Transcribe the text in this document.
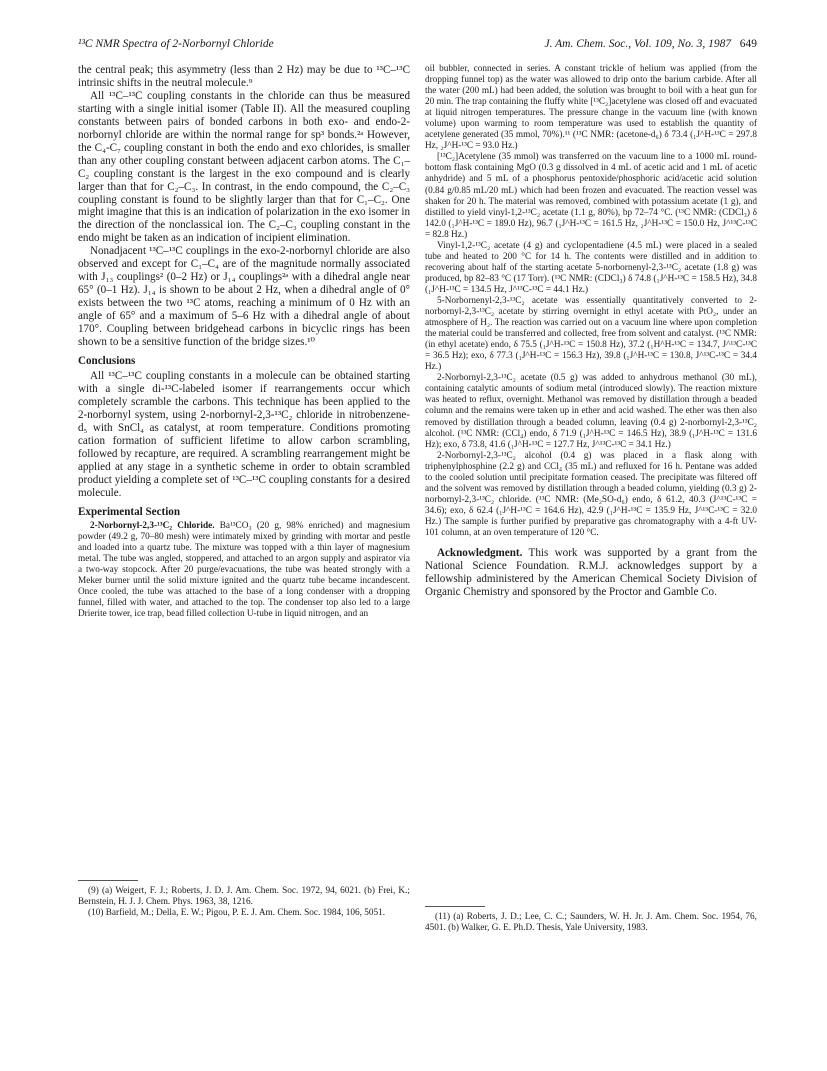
¹³C NMR Spectra of 2-Norbornyl Chloride	J. Am. Chem. Soc., Vol. 109, No. 3, 1987 649

the central peak; this asymmetry (less than 2 Hz) may be due to ¹³C–¹³C intrinsic shifts in the neutral molecule.⁹

All ¹³C–¹³C coupling constants in the chloride can thus be measured starting with a single initial isomer (Table II). All the measured coupling constants between pairs of bonded carbons in both exo- and endo-2-norbornyl chloride are within the normal range for sp³ bonds.²ᵃ However, the C₄-C₇ coupling constant in both the endo and exo chlorides, is smaller than any other coupling constant between adjacent carbon atoms. The C₁–C₂ coupling constant is the largest in the exo compound and is clearly larger than that for C₂–C₃. In contrast, in the endo compound, the C₂–C₃ coupling constant is found to be slightly larger than that for C₁–C₂. One might imagine that this is an indication of polarization in the exo isomer in the direction of the nonclassical ion. The C₂–C₃ coupling constant in the endo might be taken as an indication of incipient elimination.

Nonadjacent ¹³C–¹³C couplings in the exo-2-norbornyl chloride are also observed and except for C₁–C₄ are of the magnitude normally associated with J₁₃ couplings² (0–2 Hz) or J₁₄ couplings²ᵃ with a dihedral angle near 65° (0–1 Hz). J₁₄ is shown to be about 2 Hz, when a dihedral angle of 0° exists between the two ¹³C atoms, reaching a minimum of 0 Hz with an angle of 65° and a maximum of 5–6 Hz with a dihedral angle of about 170°. Coupling between bridgehead carbons in bicyclic rings has been shown to be a sensitive function of the bridge sizes.¹⁰

Conclusions

All ¹³C–¹³C coupling constants in a molecule can be obtained starting with a single di-¹³C-labeled isomer if rearrangements occur which completely scramble the carbons. This technique has been applied to the 2-norbornyl system, using 2-norbornyl-2,3-¹³C₂ chloride in nitrobenzene-d₅ with SnCl₄ as catalyst, at room temperature. Conditions promoting cation formation of sufficient lifetime to allow carbon scrambling, followed by recapture, are required. A scrambling rearrangement might be applied at any stage in a synthetic scheme in order to obtain scrambled product yielding a complete set of ¹³C–¹³C coupling constants for a desired molecule.

Experimental Section

2-Norbornyl-2,3-¹³C₂ Chloride. Ba¹³CO₃ (20 g, 98% enriched) and magnesium powder (49.2 g, 70–80 mesh) were intimately mixed by grinding with mortar and pestle and loaded into a quartz tube. The mixture was topped with a thin layer of magnesium metal. The tube was angled, stoppered, and attached to an argon supply and aspirator via a two-way stopcock. After 20 purge/evacuations, the tube was heated strongly with a Meker burner until the solid mixture ignited and the quartz tube became incandescent. Once cooled, the tube was attached to the base of a long condenser with a dropping funnel, filled with water, and attached to the top. The condenser top also led to a large Drierite tower, ice trap, bead filled collection U-tube in liquid nitrogen, and an

(9) (a) Weigert, F. J.; Roberts, J. D. J. Am. Chem. Soc. 1972, 94, 6021. (b) Frei, K.; Bernstein, H. J. J. Chem. Phys. 1963, 38, 1216.

(10) Barfield, M.; Della, E. W.; Pigou, P. E. J. Am. Chem. Soc. 1984, 106, 5051.

oil bubbler, connected in series. A constant trickle of helium was applied (from the dropping funnel top) as the water was allowed to drip onto the barium carbide. After all the water (200 mL) had been added, the solution was brought to boil with a heat gun for 20 min. The trap containing the fluffy white [¹³C₂]acetylene was closed off and evacuated at liquid nitrogen temperatures. The pressure change in the vacuum line (with known volume) upon warming to room temperature was used to establish the quantity of acetylene generated (35 mmol, 70%).¹¹ (¹³C NMR: (acetone-d₆) δ 73.4 (₁J^H-¹³C = 297.8 Hz, ₂J^H-¹³C = 93.0 Hz.)

[¹³C₂]Acetylene (35 mmol) was transferred on the vacuum line to a 1000 mL round-bottom flask containing MgO (0.3 g dissolved in 4 mL of acetic acid and 1 mL of acetic anhydride) and 5 mL of a phosphorus pentoxide/phosphoric acid/acetic acid solution (0.84 g/0.85 mL/20 mL) which had been frozen and evacuated. The reaction vessel was shaken for 20 h. The material was removed, combined with potassium acetate (1 g), and distilled to yield vinyl-1,2-¹³C₂ acetate (1.1 g, 80%), bp 72–74 °C. (¹³C NMR: (CDCl₃) δ 142.0 (₁J^H-¹³C = 189.0 Hz), 96.7 (₁J^H-¹³C = 161.5 Hz, ₂J^H-¹³C = 150.0 Hz, J^¹³C-¹³C = 82.8 Hz.)

Vinyl-1,2-¹³C₂ acetate (4 g) and cyclopentadiene (4.5 mL) were placed in a sealed tube and heated to 200 °C for 14 h. The contents were distilled and in addition to recovering about half of the starting acetate 5-norbornenyl-2,3-¹³C₂ acetate (1.8 g) was produced, bp 82–83 °C (17 Torr). (¹³C NMR: (CDCl₃) δ 74.8 (₁J^H-¹³C = 158.5 Hz), 34.8 (₁J^H-¹³C = 134.5 Hz, J^¹³C-¹³C = 44.1 Hz.)

5-Norbornenyl-2,3-¹³C₂ acetate was essentially quantitatively converted to 2-norbornyl-2,3-¹³C₂ acetate by stirring overnight in ethyl acetate with PtO₂, under an atmosphere of H₂. The reaction was carried out on a vacuum line where upon completion the material could be transferred and collected, free from solvent and catalyst. (¹³C NMR: (in ethyl acetate) endo, δ 75.5 (₁J^H-¹³C = 150.8 Hz), 37.2 (₁H^H-¹³C = 134.7, J^¹³C-¹³C = 36.5 Hz); exo, δ 77.3 (₁J^H-¹³C = 156.3 Hz), 39.8 (₁J^H-¹³C = 130.8, J^¹³C-¹³C = 34.4 Hz.)

2-Norbornyl-2,3-¹³C₂ acetate (0.5 g) was added to anhydrous methanol (30 mL), containing catalytic amounts of sodium metal (introduced slowly). The reaction mixture was heated to reflux, overnight. Methanol was removed by distillation through a beaded column and the remains were taken up in ether and acid washed. The ether was then also removed by distillation through a beaded column, leaving (0.4 g) 2-norbornyl-2,3-¹³C₂ alcohol. (¹³C NMR: (CCl₄) endo, δ 71.9 (₁J^H-¹³C = 146.5 Hz), 38.9 (₁J^H-¹³C = 131.6 Hz); exo, δ 73.8, 41.6 (₁J^H-¹³C = 127.7 Hz, J^¹³C-¹³C = 34.1 Hz.)

2-Norbornyl-2,3-¹³C₂ alcohol (0.4 g) was placed in a flask along with triphenylphosphine (2.2 g) and CCl₄ (35 mL) and refluxed for 16 h. Pentane was added to the cooled solution until precipitate formation ceased. The precipitate was filtered off and the solvent was removed by distillation through a beaded column, yielding (0.3 g) 2-norbornyl-2,3-¹³C₂ chloride. (¹³C NMR: (Me₂SO-d₆) endo, δ 61.2, 40.3 (J^¹³C-¹³C = 34.6); exo, δ 62.4 (₁J^H-¹³C = 164.6 Hz), 42.9 (₁J^H-¹³C = 135.9 Hz, J^¹³C-¹³C = 32.0 Hz.) The sample is further purified by preparative gas chromatography with a 4-ft UV-101 column, at an oven temperature of 120 °C.

Acknowledgment. This work was supported by a grant from the National Science Foundation. R.M.J. acknowledges support by a fellowship administered by the American Chemical Society Division of Organic Chemistry and sponsored by the Proctor and Gamble Co.

(11) (a) Roberts, J. D.; Lee, C. C.; Saunders, W. H. Jr. J. Am. Chem. Soc. 1954, 76, 4501. (b) Walker, G. E. Ph.D. Thesis, Yale University, 1983.
